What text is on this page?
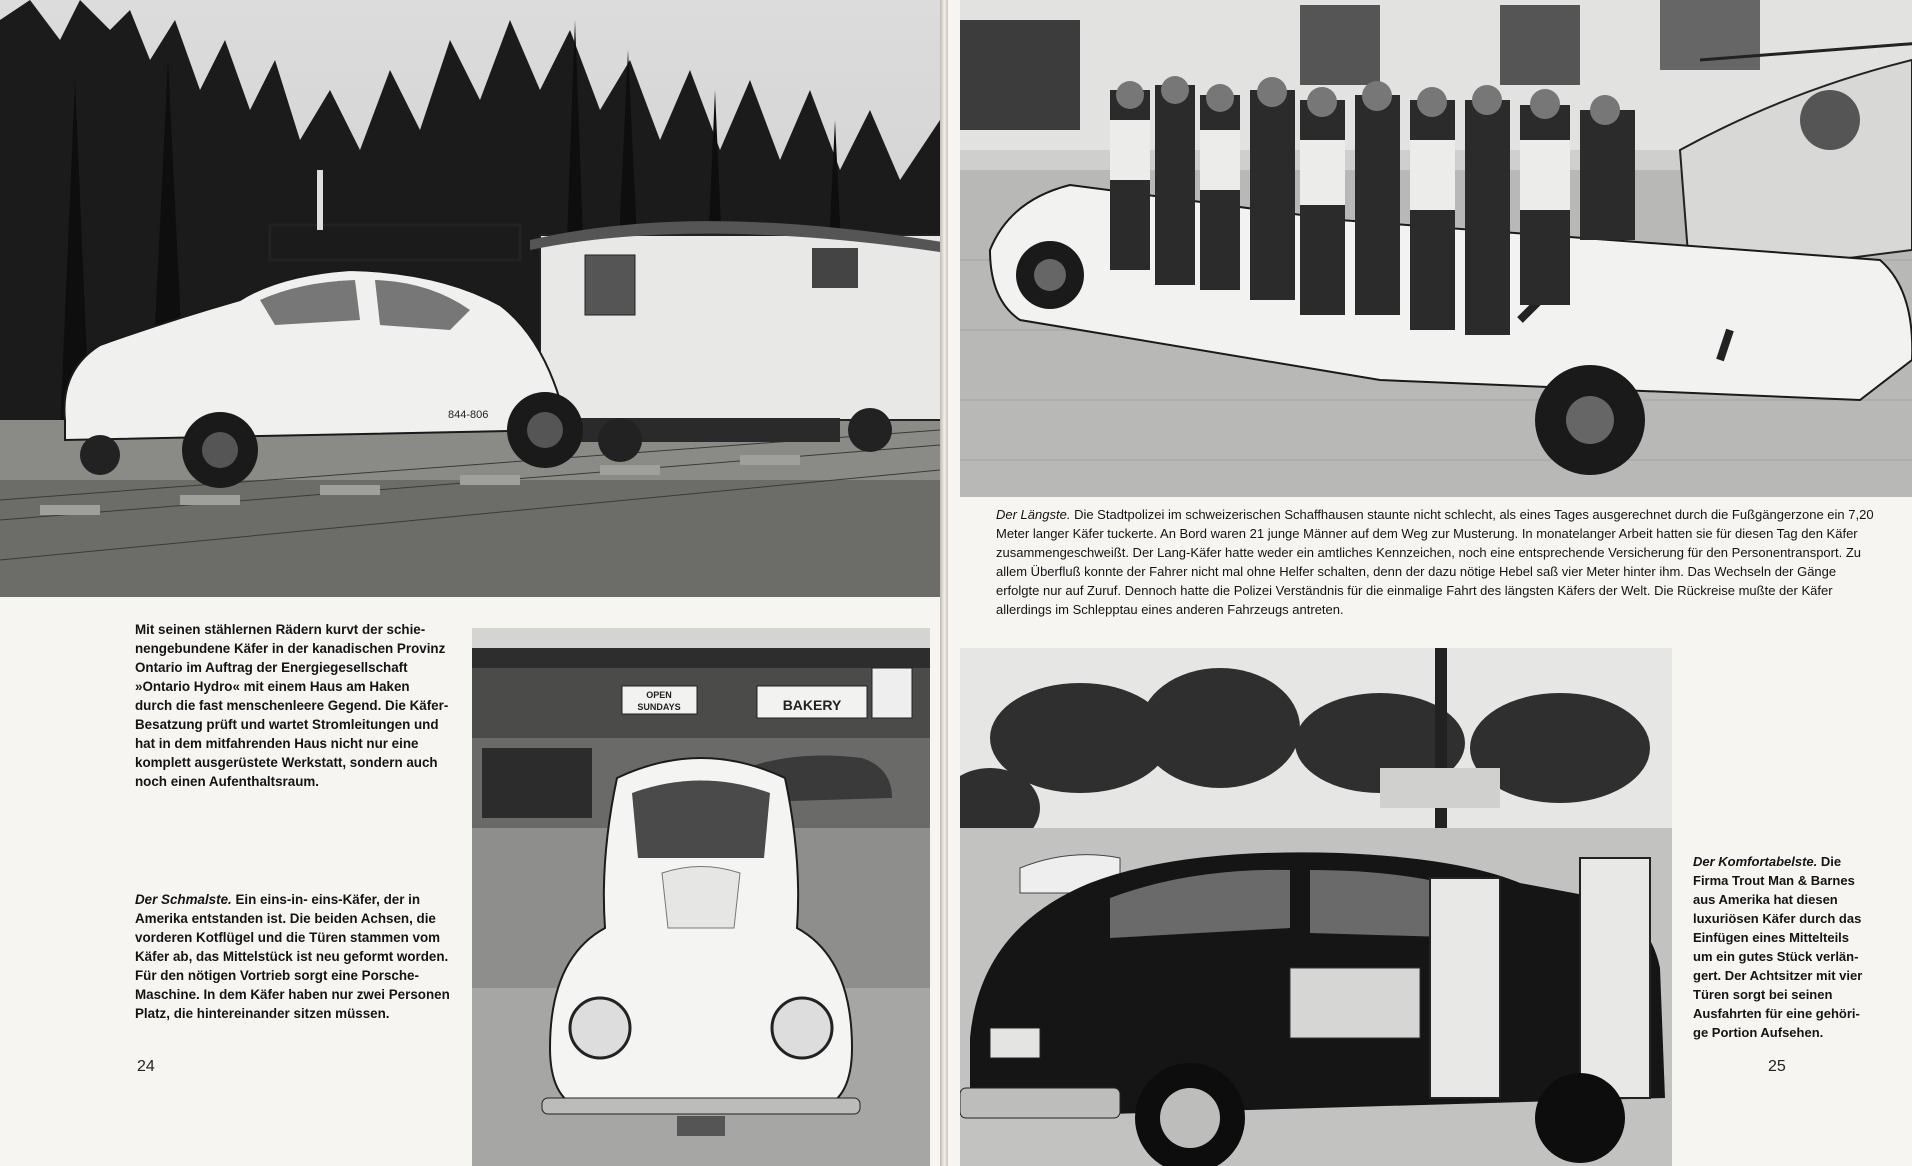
844-806
Mit seinen stählernen Rädern kurvt der schienengebundene Käfer in der kanadischen Provinz Ontario im Auftrag der Energiegesellschaft »Ontario Hydro« mit einem Haus am Haken durch die fast menschenleere Gegend. Die Käfer-Besatzung prüft und wartet Stromleitungen und hat in dem mitfahrenden Haus nicht nur eine komplett ausgerüstete Werkstatt, sondern auch noch einen Aufenthaltsraum.
OPEN
SUNDAYS	BAKERY
Der Schmalste. Ein eins-in- eins-Käfer, der in Amerika entstanden ist. Die beiden Achsen, die vorderen Kotflügel und die Türen stammen vom Käfer ab, das Mittelstück ist neu geformt worden. Für den nötigen Vortrieb sorgt eine Porsche-Maschine. In dem Käfer haben nur zwei Personen Platz, die hintereinander sitzen müssen.
24
Der Längste. Die Stadtpolizei im schweizerischen Schaffhausen staunte nicht schlecht, als eines Tages ausgerechnet durch die Fußgängerzone ein 7,20 Meter langer Käfer tuckerte. An Bord waren 21 junge Männer auf dem Weg zur Musterung. In monatelanger Arbeit hatten sie für diesen Tag den Käfer zusammengeschweißt. Der Lang-Käfer hatte weder ein amtliches Kennzeichen, noch eine entsprechende Versicherung für den Personentransport. Zu allem Überfluß konnte der Fahrer nicht mal ohne Helfer schalten, denn der dazu nötige Hebel saß vier Meter hinter ihm. Das Wechseln der Gänge erfolgte nur auf Zuruf. Dennoch hatte die Polizei Verständnis für die einmalige Fahrt des längsten Käfers der Welt. Die Rückreise mußte der Käfer allerdings im Schlepptau eines anderen Fahrzeugs antreten.
Der Komfortabelste. Die Firma Trout Man & Barnes aus Amerika hat diesen luxuriösen Käfer durch das Einfügen eines Mittelteils um ein gutes Stück verlängert. Der Achtsitzer mit vier Türen sorgt bei seinen Ausfahrten für eine gehörige Portion Aufsehen.
25
